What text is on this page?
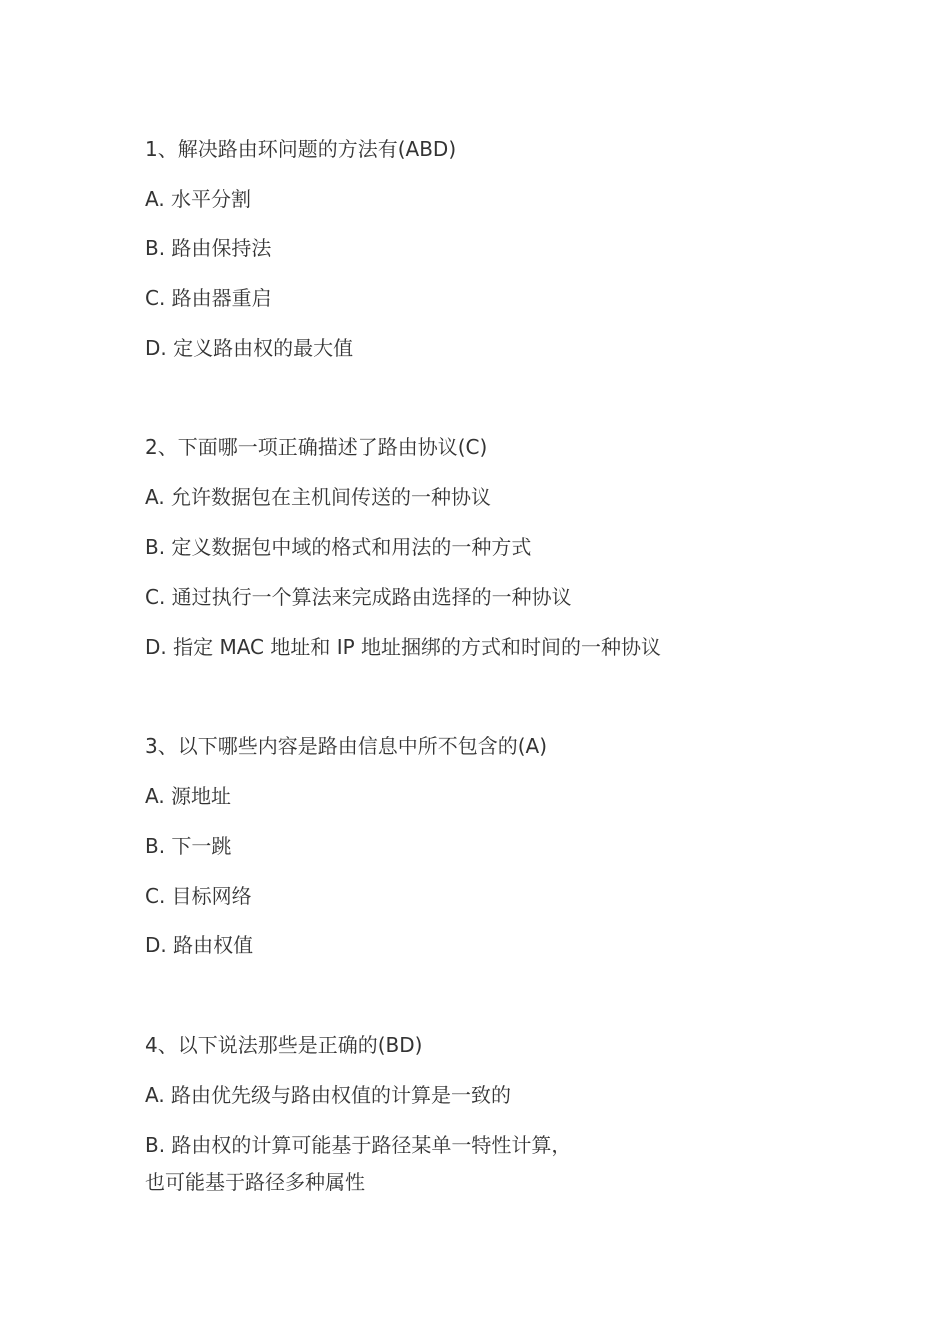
1、解决路由环问题的方法有(ABD)
A. 水平分割
B. 路由保持法
C. 路由器重启
D. 定义路由权的最大值
2、下面哪一项正确描述了路由协议(C)
A. 允许数据包在主机间传送的一种协议
B. 定义数据包中域的格式和用法的一种方式
C. 通过执行一个算法来完成路由选择的一种协议
D. 指定 MAC 地址和 IP 地址捆绑的方式和时间的一种协议
3、以下哪些内容是路由信息中所不包含的(A)
A. 源地址
B. 下一跳
C. 目标网络
D. 路由权值
4、以下说法那些是正确的(BD)
A. 路由优先级与路由权值的计算是一致的
B. 路由权的计算可能基于路径某单一特性计算，
也可能基于路径多种属性
